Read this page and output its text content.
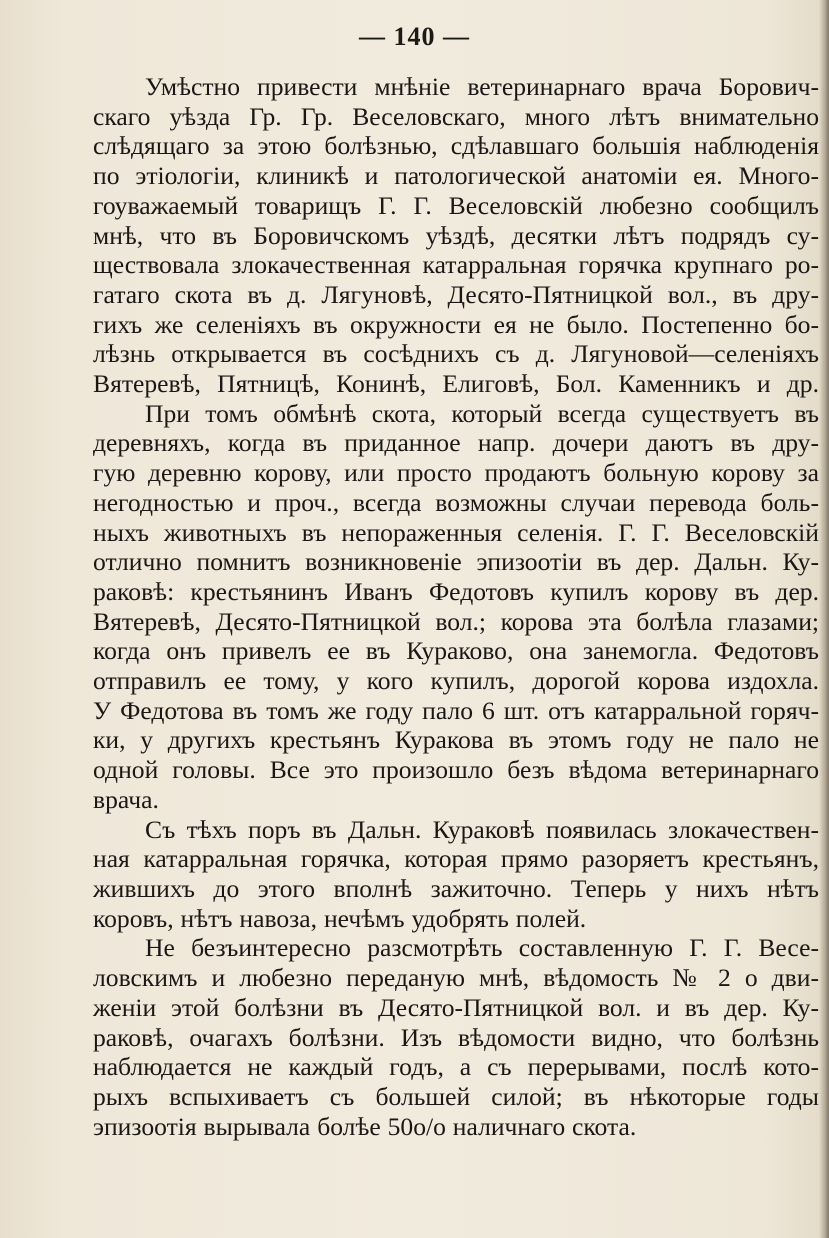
— 140 —

Умѣстно привести мнѣніе ветеринарнаго врача Борович-
скаго уѣзда Гр. Гр. Веселовскаго, много лѣтъ внимательно
слѣдящаго за этою болѣзнью, сдѣлавшаго большія наблюденія
по этіологіи, клиникѣ и патологической анатоміи ея. Много-
гоуважаемый товарищъ Г. Г. Веселовскій любезно сообщилъ
мнѣ, что въ Боровичскомъ уѣздѣ, десятки лѣтъ подрядъ су-
ществовала злокачественная катарральная горячка крупнаго ро-
гатаго скота въ д. Лягуновѣ, Десято-Пятницкой вол., въ дру-
гихъ же селеніяхъ въ окружности ея не было. Постепенно бо-
лѣзнь открывается въ сосѣднихъ съ д. Лягуновой—селеніяхъ
Вятеревѣ, Пятницѣ, Конинѣ, Елиговѣ, Бол. Каменникъ и др.

При томъ обмѣнѣ скота, который всегда существуетъ въ
деревняхъ, когда въ приданное напр. дочери даютъ въ дру-
гую деревню корову, или просто продаютъ больную корову за
негодностью и проч., всегда возможны случаи перевода боль-
ныхъ животныхъ въ непораженныя селенія. Г. Г. Веселовскій
отлично помнитъ возникновеніе эпизоотіи въ дер. Дальн. Ку-
раковѣ: крестьянинъ Иванъ Федотовъ купилъ корову въ дер.
Вятеревѣ, Десято-Пятницкой вол.; корова эта болѣла глазами;
когда онъ привелъ ее въ Кураково, она занемогла. Федотовъ
отправилъ ее тому, у кого купилъ, дорогой корова издохла.
У Федотова въ томъ же году пало 6 шт. отъ катарральной горяч-
ки, у другихъ крестьянъ Куракова въ этомъ году не пало не
одной головы. Все это произошло безъ вѣдома ветеринарнаго
врача.

Съ тѣхъ поръ въ Дальн. Кураковѣ появилась злокачествен-
ная катарральная горячка, которая прямо разоряетъ крестьянъ,
жившихъ до этого вполнѣ зажиточно. Теперь у нихъ нѣтъ
коровъ, нѣтъ навоза, нечѣмъ удобрять полей.

Не безъинтересно разсмотрѣть составленную Г. Г. Весе-
ловскимъ и любезно переданую мнѣ, вѣдомость № 2 о дви-
женіи этой болѣзни въ Десято-Пятницкой вол. и въ дер. Ку-
раковѣ, очагахъ болѣзни. Изъ вѣдомости видно, что болѣзнь
наблюдается не каждый годъ, а съ перерывами, послѣ кото-
рыхъ вспыхиваетъ съ большей силой; въ нѣкоторые годы
эпизоотія вырывала болѣе 50о/о наличнаго скота.
